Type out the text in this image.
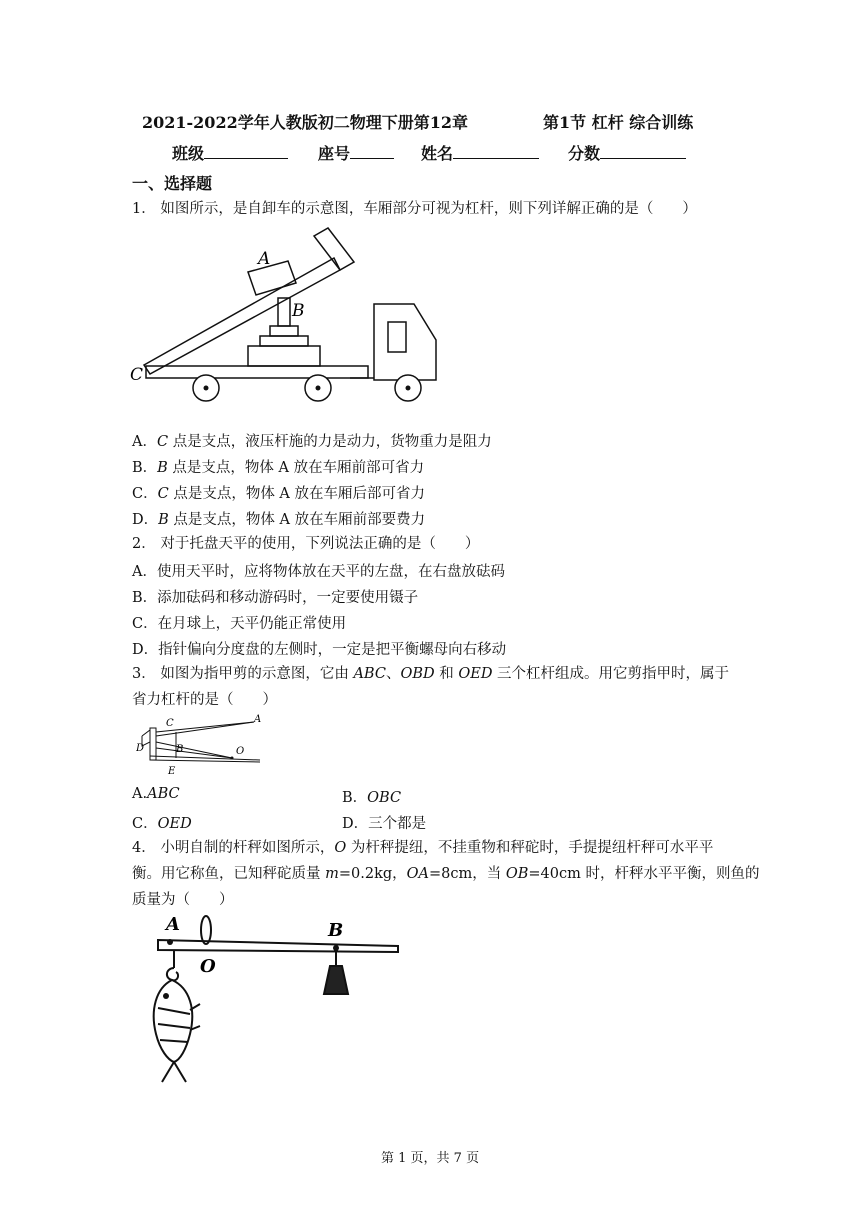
2021-2022学年人教版初二物理下册第12章	第1节 杠杆 综合训练
班级	座号	姓名	分数
一、选择题
1． 如图所示，是自卸车的示意图，车厢部分可视为杠杆，则下列详解正确的是（　　）
A
B
C
A．C 点是支点，液压杆施的力是动力，货物重力是阻力
B．B 点是支点，物体 A 放在车厢前部可省力
C．C 点是支点，物体 A 放在车厢后部可省力
D．B 点是支点，物体 A 放在车厢前部要费力
2． 对于托盘天平的使用，下列说法正确的是（　　）
A．使用天平时，应将物体放在天平的左盘，在右盘放砝码
B．添加砝码和移动游码时，一定要使用镊子
C．在月球上，天平仍能正常使用
D．指针偏向分度盘的左侧时，一定是把平衡螺母向右移动
3． 如图为指甲剪的示意图，它由 ABC、OBD 和 OED 三个杠杆组成。用它剪指甲时，属于
省力杠杆的是（　　）
C	A
D	B
E
O
A.ABC	B．OBC
C．OED	D．三个都是
4． 小明自制的杆秤如图所示，O 为杆秤提纽，不挂重物和秤砣时，手提提纽杆秤可水平平
衡。用它称鱼，已知秤砣质量 m=0.2kg，OA=8cm，当 OB=40cm 时，杆秤水平平衡，则鱼的
质量为（　　）
A	B
O
第 1 页，共 7 页
